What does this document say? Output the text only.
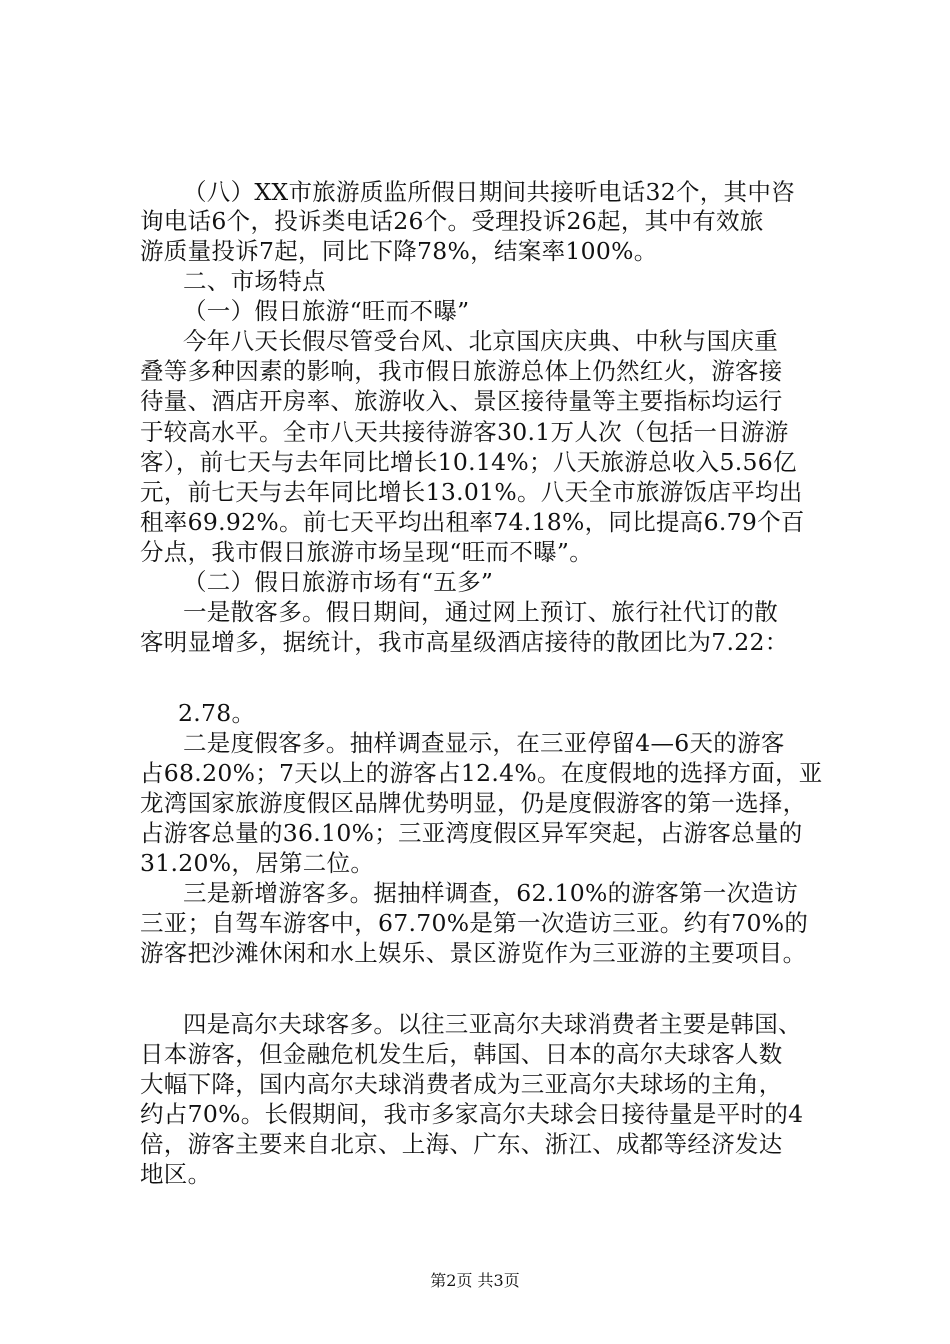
（八）XX市旅游质监所假日期间共接听电话32个，其中咨
询电话6个，投诉类电话26个。受理投诉26起，其中有效旅
游质量投诉7起，同比下降78%，结案率100%。
二、市场特点
（一）假日旅游“旺而不曝”
今年八天长假尽管受台风、北京国庆庆典、中秋与国庆重
叠等多种因素的影响，我市假日旅游总体上仍然红火，游客接
待量、酒店开房率、旅游收入、景区接待量等主要指标均运行
于较高水平。全市八天共接待游客30.1万人次（包括一日游游
客），前七天与去年同比增长10.14%；八天旅游总收入5.56亿
元，前七天与去年同比增长13.01%。八天全市旅游饭店平均出
租率69.92%。前七天平均出租率74.18%，同比提高6.79个百
分点，我市假日旅游市场呈现“旺而不曝”。
（二）假日旅游市场有“五多”
一是散客多。假日期间，通过网上预订、旅行社代订的散
客明显增多，据统计，我市高星级酒店接待的散团比为7.22：
2.78。
二是度假客多。抽样调查显示，在三亚停留4—6天的游客
占68.20%；7天以上的游客占12.4%。在度假地的选择方面，亚
龙湾国家旅游度假区品牌优势明显，仍是度假游客的第一选择，
占游客总量的36.10%；三亚湾度假区异军突起，占游客总量的
31.20%，居第二位。
三是新增游客多。据抽样调查，62.10%的游客第一次造访
三亚；自驾车游客中，67.70%是第一次造访三亚。约有70%的
游客把沙滩休闲和水上娱乐、景区游览作为三亚游的主要项目。
四是高尔夫球客多。以往三亚高尔夫球消费者主要是韩国、
日本游客，但金融危机发生后，韩国、日本的高尔夫球客人数
大幅下降，国内高尔夫球消费者成为三亚高尔夫球场的主角，
约占70%。长假期间，我市多家高尔夫球会日接待量是平时的4
倍，游客主要来自北京、上海、广东、浙江、成都等经济发达
地区。
第2页 共3页
